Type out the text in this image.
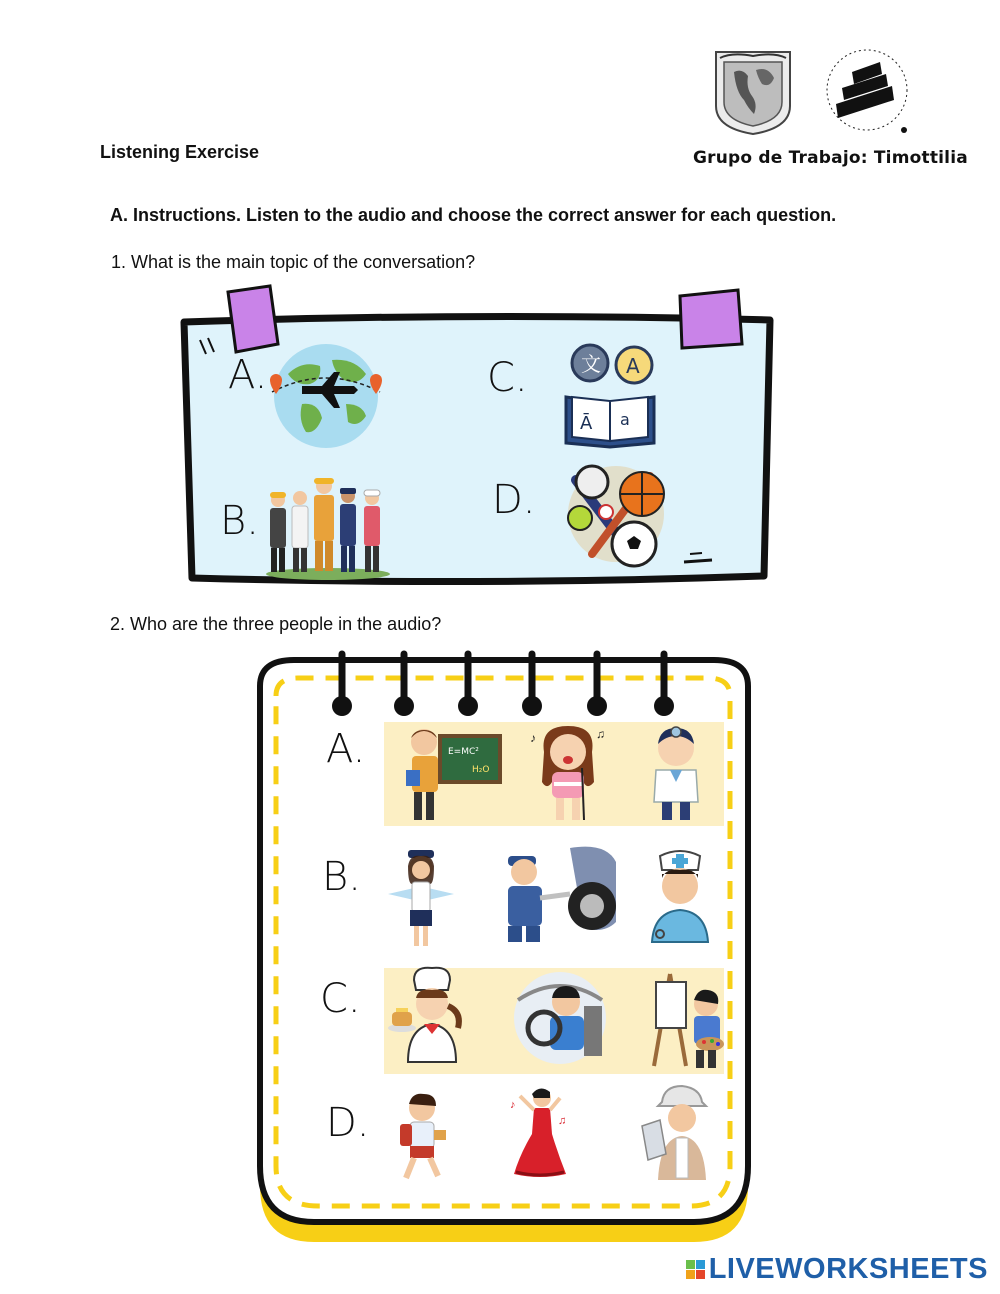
Listening Exercise	Grupo de Trabajo: Timottilia
A. Instructions. Listen to the audio and choose the correct answer for each question.
1. What is the main topic of the conversation?
A.
B.
C.
D.
文 A
Ā a
2. Who are the three people in the audio?
A.
B.
C.
D.
E=MC²
H₂O
♪	♫
♪
♫
LIVEWORKSHEETS
